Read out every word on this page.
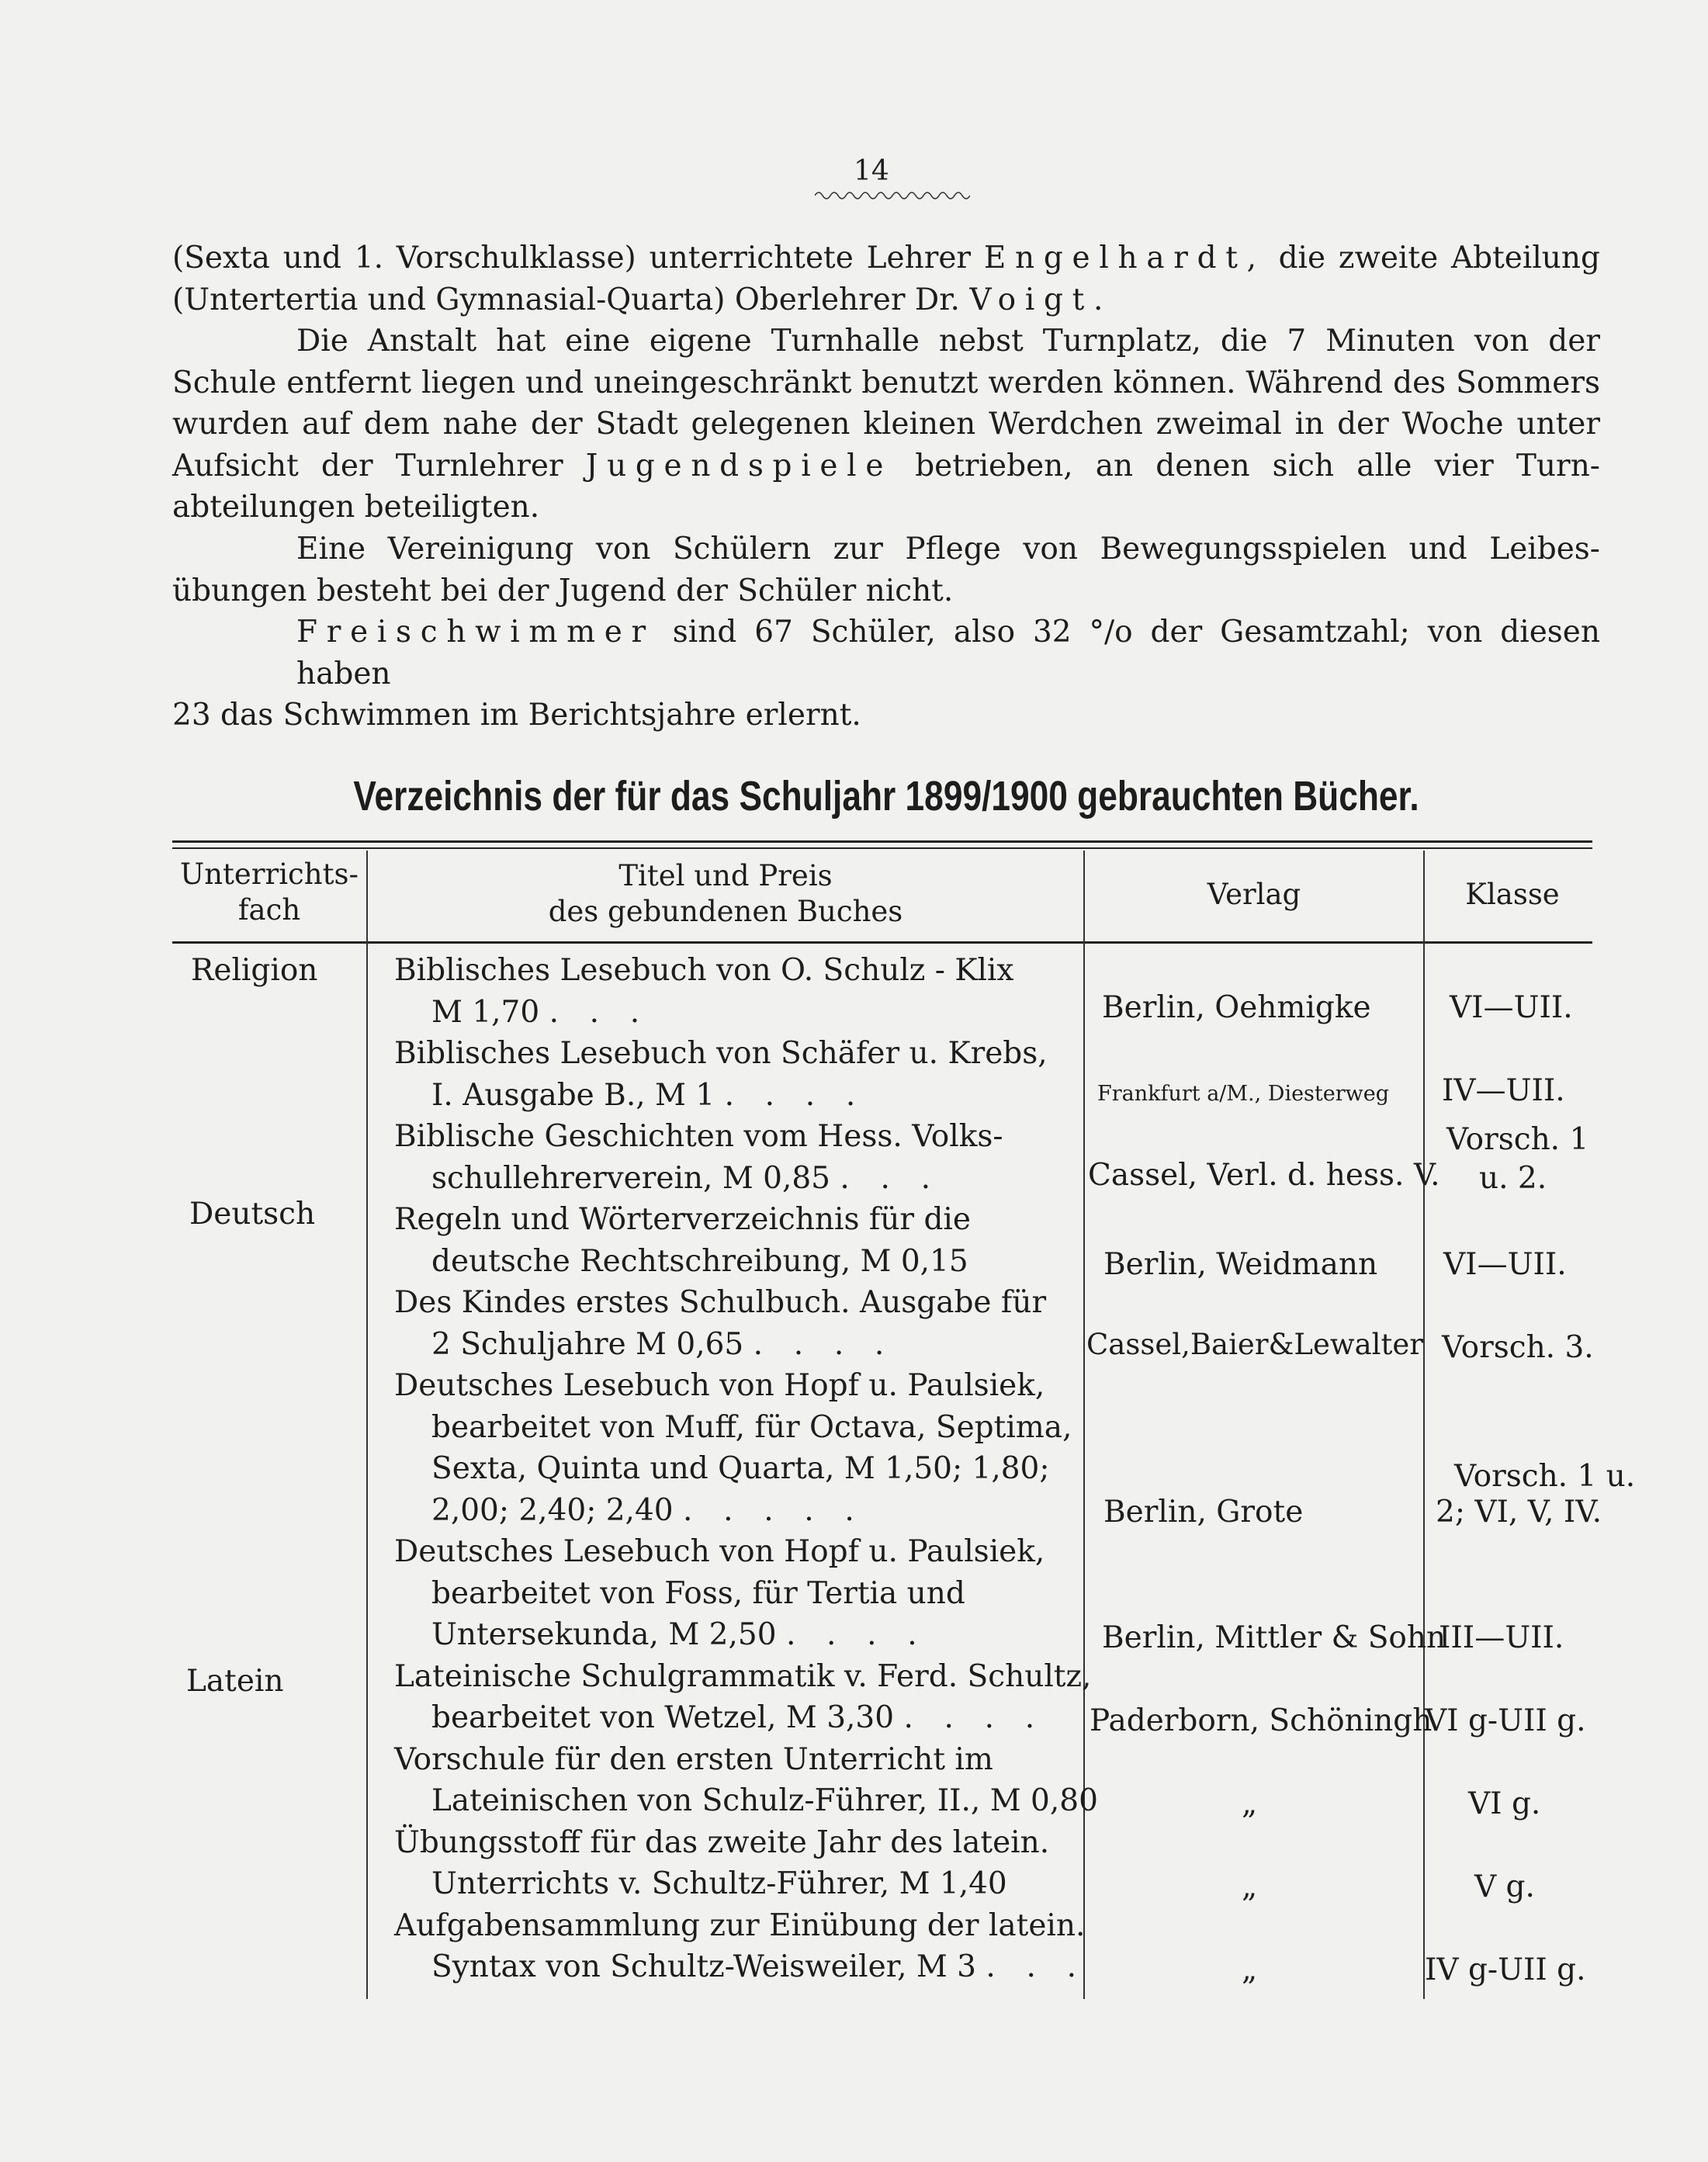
14
(Sexta und 1. Vorschulklasse) unterrichtete Lehrer Engelhardt, die zweite Abteilung
(Untertertia und Gymnasial-Quarta) Oberlehrer Dr. Voigt.
Die Anstalt hat eine eigene Turnhalle nebst Turnplatz, die 7 Minuten von der
Schule entfernt liegen und uneingeschränkt benutzt werden können. Während des Sommers
wurden auf dem nahe der Stadt gelegenen kleinen Werdchen zweimal in der Woche unter
Aufsicht der Turnlehrer Jugendspiele betrieben, an denen sich alle vier Turn-
abteilungen beteiligten.
Eine Vereinigung von Schülern zur Pflege von Bewegungsspielen und Leibes-
übungen besteht bei der Jugend der Schüler nicht.
Freischwimmer sind 67 Schüler, also 32 °/o der Gesamtzahl; von diesen haben
23 das Schwimmen im Berichtsjahre erlernt.
Verzeichnis der für das Schuljahr 1899/1900 gebrauchten Bücher.
Unterrichts-
fach
Titel und Preis
des gebundenen Buches
Verlag	Klasse
Religion
Deutsch
Latein
Biblisches Lesebuch von O. Schulz - Klix
M 1,70 . . .
Biblisches Lesebuch von Schäfer u. Krebs,
I. Ausgabe B., M 1 . . . .
Biblische Geschichten vom Hess. Volks-
schullehrerverein, M 0,85 . . .
Regeln und Wörterverzeichnis für die
deutsche Rechtschreibung, M 0,15
Des Kindes erstes Schulbuch. Ausgabe für
2 Schuljahre M 0,65 . . . .
Deutsches Lesebuch von Hopf u. Paulsiek,
bearbeitet von Muff, für Octava, Septima,
Sexta, Quinta und Quarta, M 1,50; 1,80;
2,00; 2,40; 2,40 . . . . .
Deutsches Lesebuch von Hopf u. Paulsiek,
bearbeitet von Foss, für Tertia und
Untersekunda, M 2,50 . . . .
Lateinische Schulgrammatik v. Ferd. Schultz,
bearbeitet von Wetzel, M 3,30 . . . .
Vorschule für den ersten Unterricht im
Lateinischen von Schulz-Führer, II., M 0,80
Übungsstoff für das zweite Jahr des latein.
Unterrichts v. Schultz-Führer, M 1,40
Aufgabensammlung zur Einübung der latein.
Syntax von Schultz-Weisweiler, M 3 . . .
Berlin, Oehmigke
Frankfurt a/M., Diesterweg
Cassel, Verl. d. hess. V.
Berlin, Weidmann
Cassel,Baier&Lewalter
Berlin, Grote
Berlin, Mittler & Sohn
Paderborn, Schöningh
„
„
„
VI—UII.
IV—UII.
Vorsch. 1
u. 2.
VI—UII.
Vorsch. 3.
Vorsch. 1 u.
2; VI, V, IV.
III—UII.
VI g-UII g.
VI g.
V g.
IV g-UII g.
